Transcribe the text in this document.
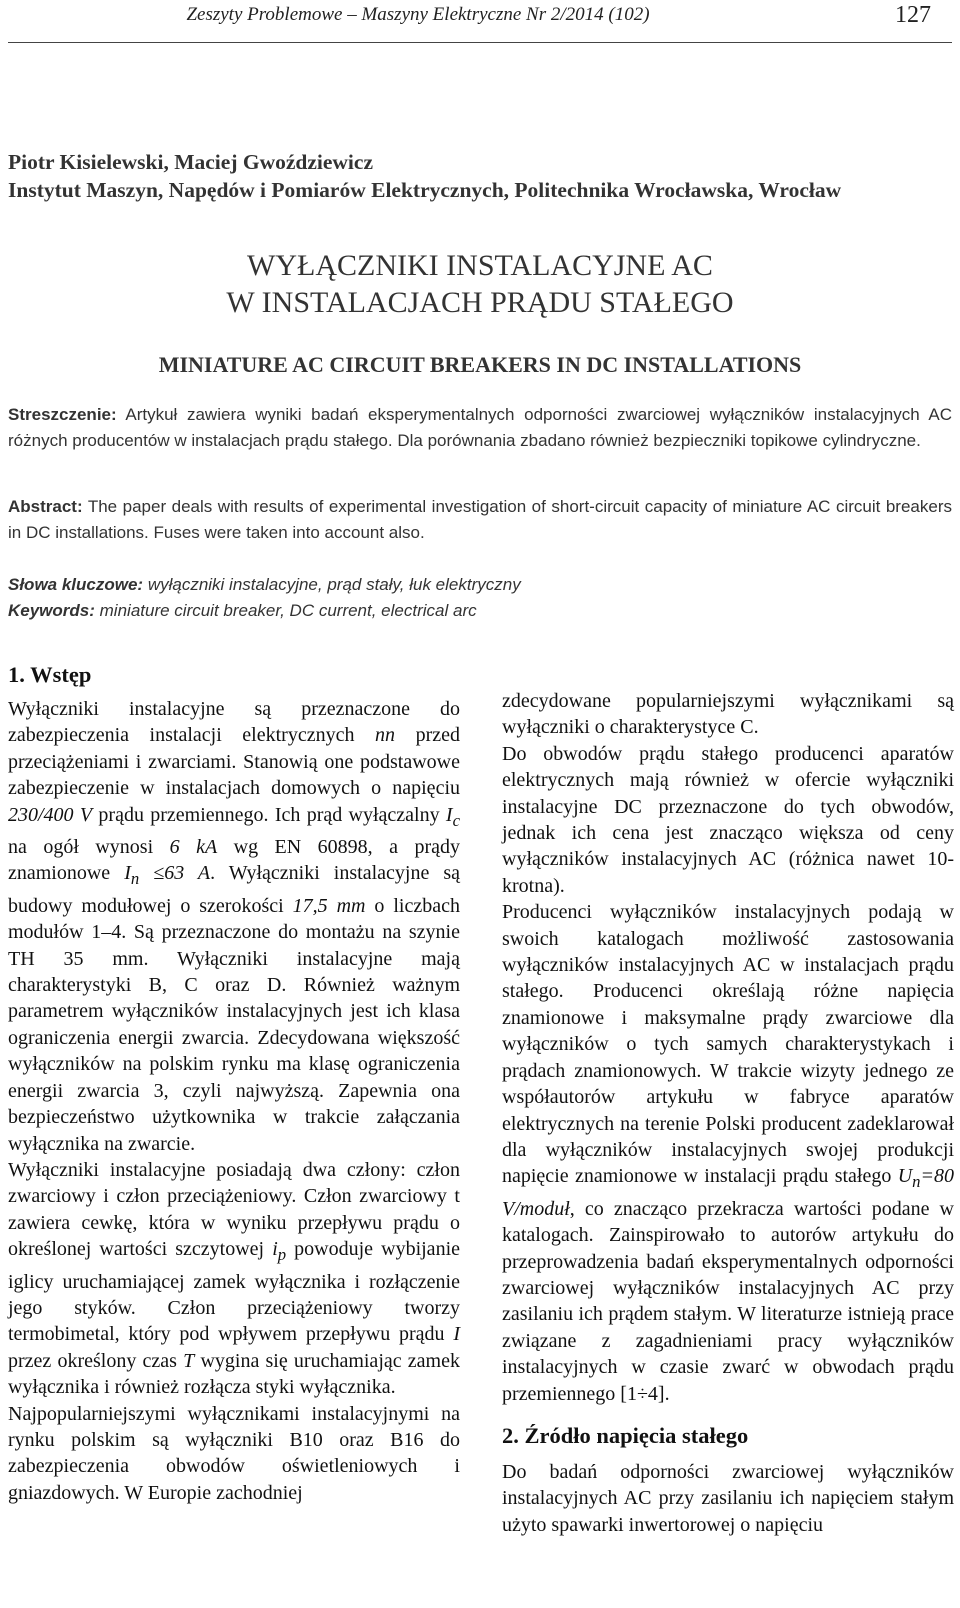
Zeszyty Problemowe – Maszyny Elektryczne Nr 2/2014 (102)	127
Piotr Kisielewski, Maciej Gwoździewicz
Instytut Maszyn, Napędów i Pomiarów Elektrycznych, Politechnika Wrocławska, Wrocław
WYŁĄCZNIKI INSTALACYJNE AC
W INSTALACJACH PRĄDU STAŁEGO
MINIATURE AC CIRCUIT BREAKERS IN DC INSTALLATIONS
Streszczenie: Artykuł zawiera wyniki badań eksperymentalnych odporności zwarciowej wyłączników instalacyjnych AC różnych producentów w instalacjach prądu stałego. Dla porównania zbadano również bezpieczniki topikowe cylindryczne.
Abstract: The paper deals with results of experimental investigation of short-circuit capacity of miniature AC circuit breakers in DC installations. Fuses were taken into account also.
Słowa kluczowe: wyłączniki instalacyjne, prąd stały, łuk elektryczny
Keywords: miniature circuit breaker, DC current, electrical arc
1. Wstęp

Wyłączniki instalacyjne są przeznaczone do zabezpieczenia instalacji elektrycznych nn przed przeciążeniami i zwarciami. Stanowią one podstawowe zabezpieczenie w instalacjach domowych o napięciu 230/400 V prądu przemiennego. Ich prąd wyłączalny $I_c$ na ogół wynosi 6 kA wg EN 60898, a prądy znamionowe $I_n \le 63$ A. Wyłączniki instalacyjne są budowy modułowej o szerokości 17,5 mm o liczbach modułów 1–4. Są przeznaczone do montażu na szynie TH 35 mm. Wyłączniki instalacyjne mają charakterystyki B, C oraz D. Również ważnym parametrem wyłączników instalacyjnych jest ich klasa ograniczenia energii zwarcia. Zdecydowana większość wyłączników na polskim rynku ma klasę ograniczenia energii zwarcia 3, czyli najwyższą. Zapewnia ona bezpieczeństwo użytkownika w trakcie załączania wyłącznika na zwarcie.

Wyłączniki instalacyjne posiadają dwa człony: człon zwarciowy i człon przeciążeniowy. Człon zwarciowy t zawiera cewkę, która w wyniku przepływu prądu o określonej wartości szczytowej $i_p$ powoduje wybijanie iglicy uruchamiającej zamek wyłącznika i rozłączenie jego styków. Człon przeciążeniowy tworzy termobimetal, który pod wpływem przepływu prądu I przez określony czas T wygina się uruchamiając zamek wyłącznika i również rozłącza styki wyłącznika.

Najpopularniejszymi wyłącznikami instalacyjnymi na rynku polskim są wyłączniki B10 oraz B16 do zabezpieczenia obwodów oświetleniowych i gniazdowych. W Europie zachodniej

zdecydowane popularniejszymi wyłącznikami są wyłączniki o charakterystyce C.

Do obwodów prądu stałego producenci aparatów elektrycznych mają również w ofercie wyłączniki instalacyjne DC przeznaczone do tych obwodów, jednak ich cena jest znacząco większa od ceny wyłączników instalacyjnych AC (różnica nawet 10-krotna).

Producenci wyłączników instalacyjnych podają w swoich katalogach możliwość zastosowania wyłączników instalacyjnych AC w instalacjach prądu stałego. Producenci określają różne napięcia znamionowe i maksymalne prądy zwarciowe dla wyłączników o tych samych charakterystykach i prądach znamionowych. W trakcie wizyty jednego ze współautorów artykułu w fabryce aparatów elektrycznych na terenie Polski producent zadeklarował dla wyłączników instalacyjnych swojej produkcji napięcie znamionowe w instalacji prądu stałego $U_n=80$ V/moduł, co znacząco przekracza wartości podane w katalogach. Zainspirowało to autorów artykułu do przeprowadzenia badań eksperymentalnych odporności zwarciowej wyłączników instalacyjnych AC przy zasilaniu ich prądem stałym. W literaturze istnieją prace związane z zagadnieniami pracy wyłączników instalacyjnych w czasie zwarć w obwodach prądu przemiennego [1÷4].

2. Źródło napięcia stałego

Do badań odporności zwarciowej wyłączników instalacyjnych AC przy zasilaniu ich napięciem stałym użyto spawarki inwertorowej o napięciu
